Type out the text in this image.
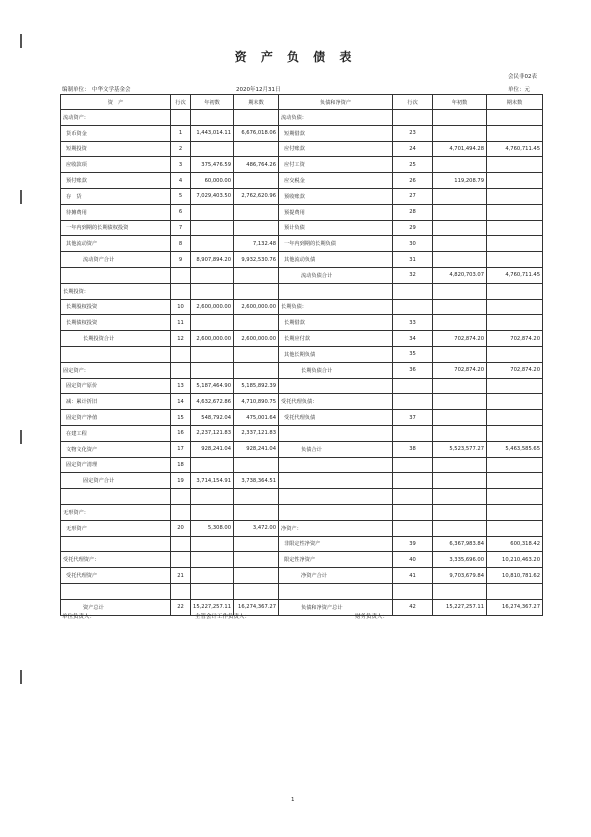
资 产 负 债 表
会民非02表
编制单位： 中华文学基金会	2020年12月31日	单位：元
资　产	行次	年初数	期末数	负债和净资产	行次	年初数	期末数
流动资产：				流动负债：			
货币资金	1	1,443,014.11	6,676,018.06	短期借款	23		
短期投资	2			应付账款	24	4,701,494.28	4,760,711.45
应收款项	3	375,476.59	486,764.26	应付工资	25		
预付账款	4	60,000.00		应交税金	26	119,208.79	
存　货	5	7,029,403.50	2,762,620.96	预收账款	27		
待摊费用	6			预提费用	28		
一年内到期的长期债权投资	7			预计负债	29		
其他流动资产	8		7,132.48	一年内到期的长期负债	30		
流动资产合计	9	8,907,894.20	9,932,530.76	其他流动负债	31		
				流动负债合计	32	4,820,703.07	4,760,711.45
长期投资：							
长期股权投资	10	2,600,000.00	2,600,000.00	长期负债：			
长期债权投资	11			长期借款	33		
长期投资合计	12	2,600,000.00	2,600,000.00	长期应付款	34	702,874.20	702,874.20
				其他长期负债	35		
固定资产：				长期负债合计	36	702,874.20	702,874.20
固定资产原价	13	5,187,464.90	5,185,892.39				
减：累计折旧	14	4,632,672.86	4,710,890.75	受托代理负债：			
固定资产净值	15	548,792.04	475,001.64	受托代理负债	37		
在建工程	16	2,237,121.83	2,337,121.83				
文物文化资产	17	928,241.04	928,241.04	负债合计	38	5,523,577.27	5,463,585.65
固定资产清理	18						
固定资产合计	19	3,714,154.91	3,738,364.51				

无形资产：							
无形资产	20	5,308.00	3,472.00	净资产：			
				非限定性净资产	39	6,367,983.84	600,318.42
受托代理资产：				限定性净资产	40	3,335,696.00	10,210,463.20
受托代理资产	21			净资产合计	41	9,703,679.84	10,810,781.62

资产总计	22	15,227,257.11	16,274,367.27	负债和净资产总计	42	15,227,257.11	16,274,367.27
单位负责人：	主管会计工作负责人：	财务负责人：
1
